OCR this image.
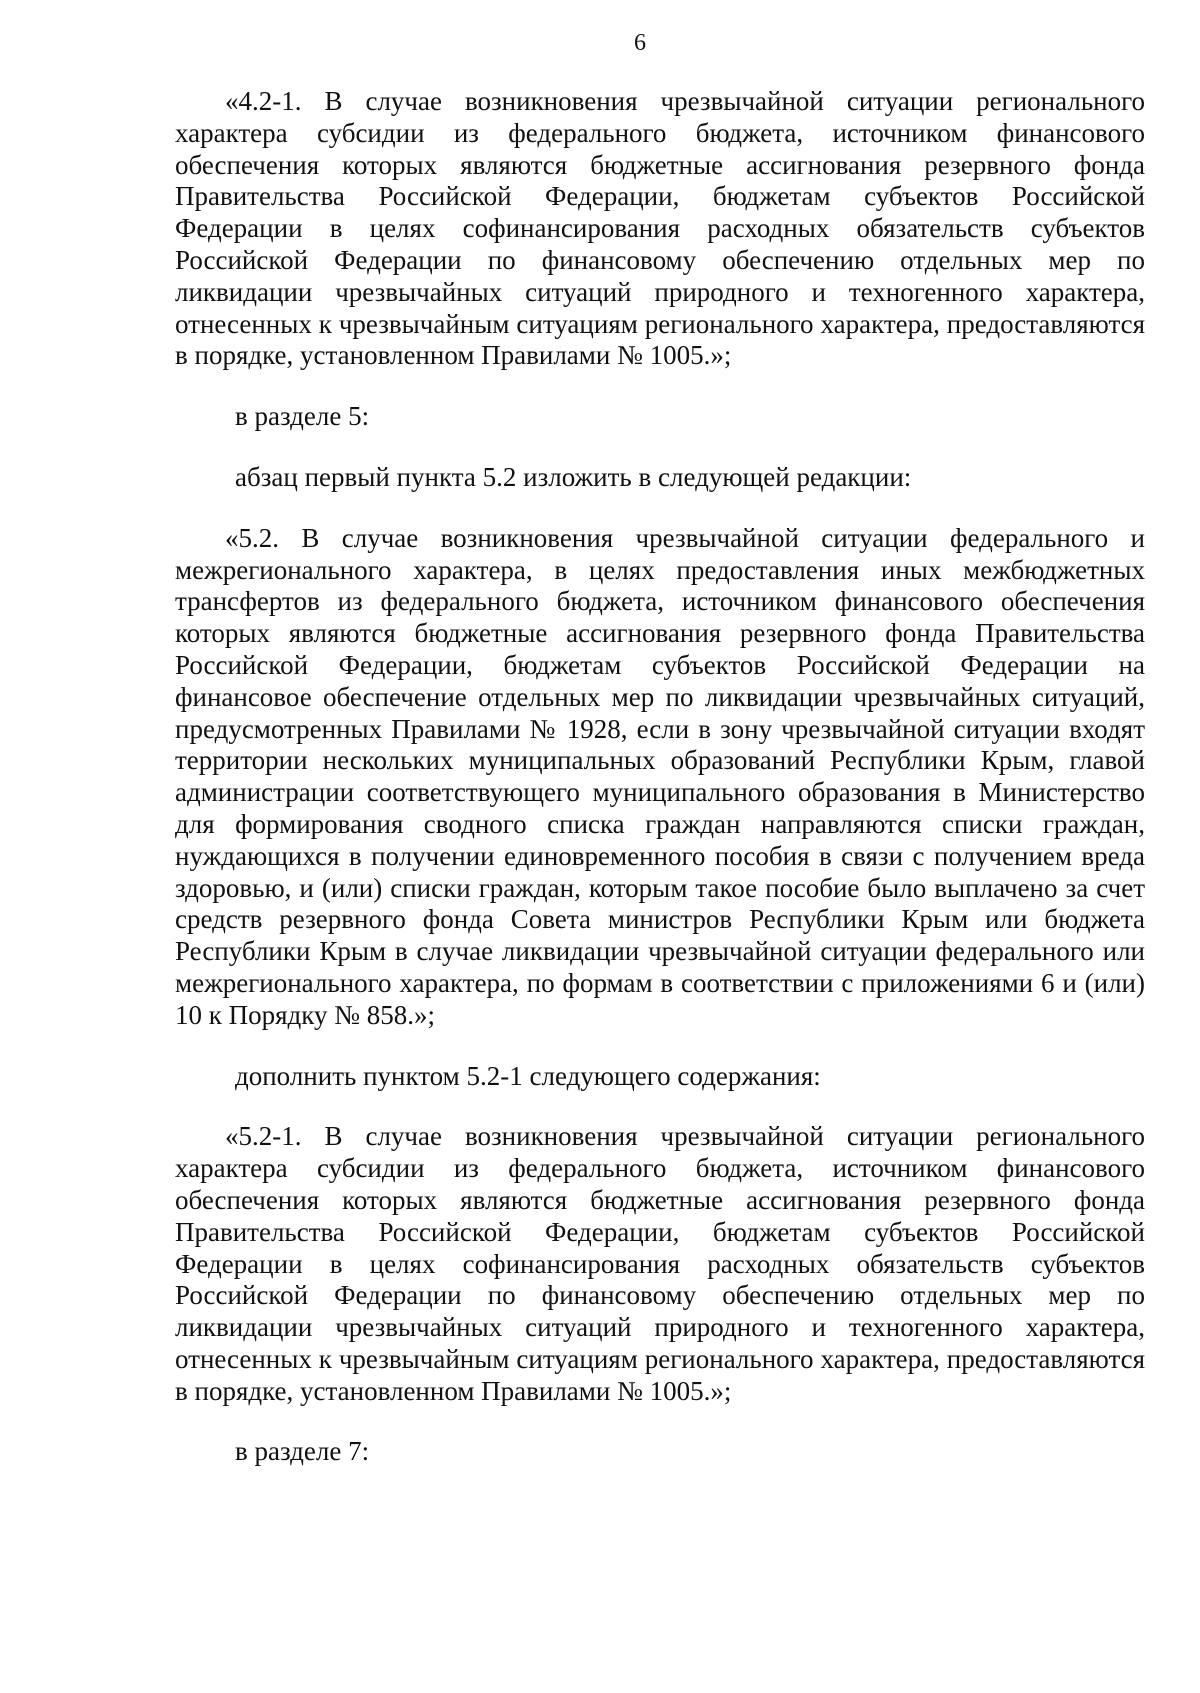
6

«4.2-1. В случае возникновения чрезвычайной ситуации регионального характера субсидии из федерального бюджета, источником финансового обеспечения которых являются бюджетные ассигнования резервного фонда Правительства Российской Федерации, бюджетам субъектов Российской Федерации в целях софинансирования расходных обязательств субъектов Российской Федерации по финансовому обеспечению отдельных мер по ликвидации чрезвычайных ситуаций природного и техногенного характера, отнесенных к чрезвычайным ситуациям регионального характера, предоставляются в порядке, установленном Правилами № 1005.»;

в разделе 5:

абзац первый пункта 5.2 изложить в следующей редакции:

«5.2. В случае возникновения чрезвычайной ситуации федерального и межрегионального характера, в целях предоставления иных межбюджетных трансфертов из федерального бюджета, источником финансового обеспечения которых являются бюджетные ассигнования резервного фонда Правительства Российской Федерации, бюджетам субъектов Российской Федерации на финансовое обеспечение отдельных мер по ликвидации чрезвычайных ситуаций, предусмотренных Правилами № 1928, если в зону чрезвычайной ситуации входят территории нескольких муниципальных образований Республики Крым, главой администрации соответствующего муниципального образования в Министерство для формирования сводного списка граждан направляются списки граждан, нуждающихся в получении единовременного пособия в связи с получением вреда здоровью, и (или) списки граждан, которым такое пособие было выплачено за счет средств резервного фонда Совета министров Республики Крым или бюджета Республики Крым в случае ликвидации чрезвычайной ситуации федерального или межрегионального характера, по формам в соответствии с приложениями 6 и (или) 10 к Порядку № 858.»;

дополнить пунктом 5.2-1 следующего содержания:

«5.2-1. В случае возникновения чрезвычайной ситуации регионального характера субсидии из федерального бюджета, источником финансового обеспечения которых являются бюджетные ассигнования резервного фонда Правительства Российской Федерации, бюджетам субъектов Российской Федерации в целях софинансирования расходных обязательств субъектов Российской Федерации по финансовому обеспечению отдельных мер по ликвидации чрезвычайных ситуаций природного и техногенного характера, отнесенных к чрезвычайным ситуациям регионального характера, предоставляются в порядке, установленном Правилами № 1005.»;

в разделе 7:
